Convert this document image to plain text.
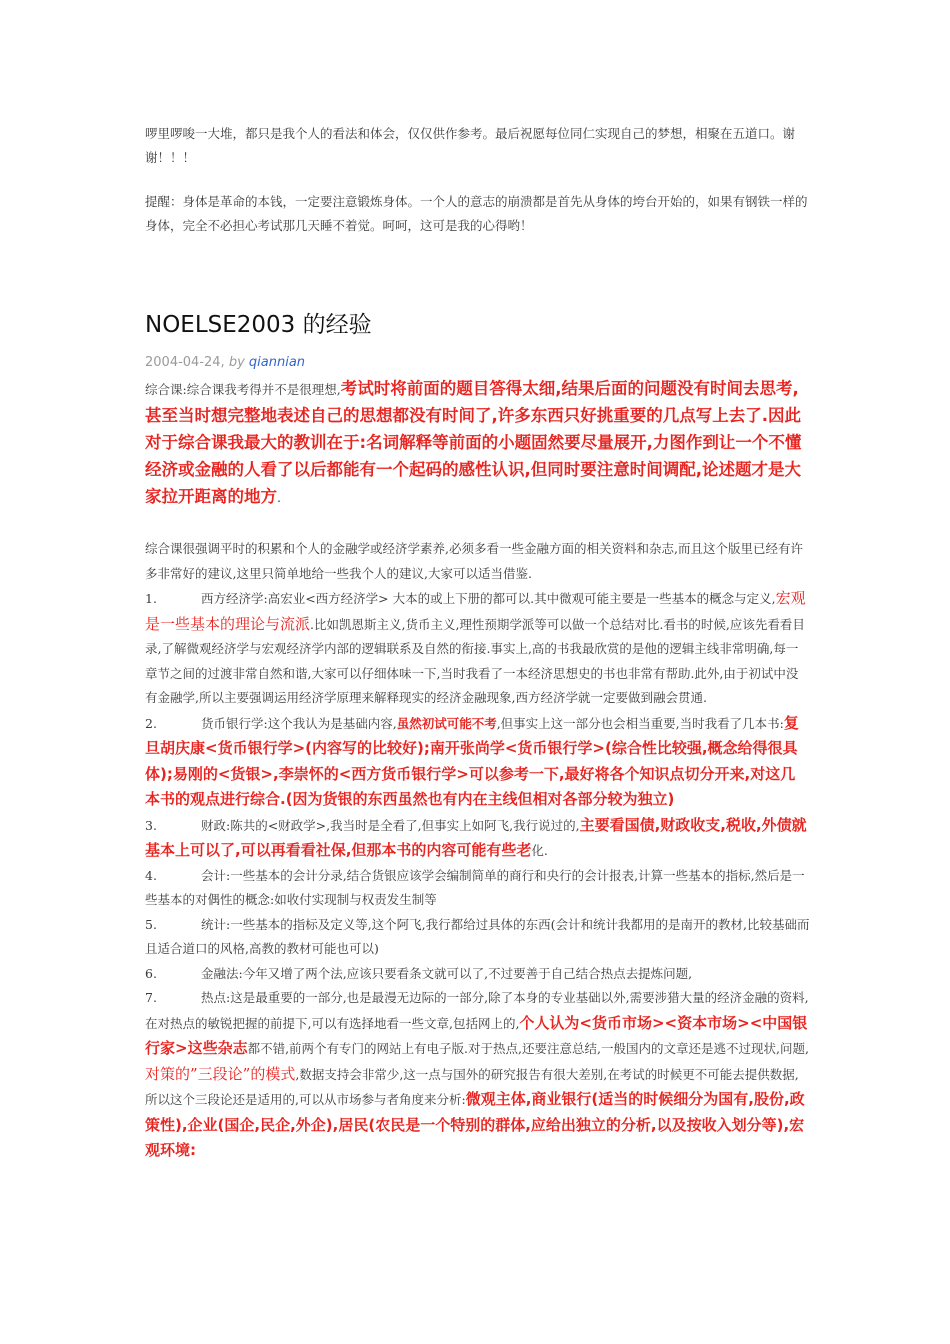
啰里啰唆一大堆，都只是我个人的看法和体会，仅仅供作参考。最后祝愿每位同仁实现自己的梦想，相聚在五道口。谢谢！！！

提醒：身体是革命的本钱，一定要注意锻炼身体。一个人的意志的崩溃都是首先从身体的垮台开始的，如果有钢铁一样的身体，完全不必担心考试那几天睡不着觉。呵呵，这可是我的心得哟！

NOELSE2003 的经验
2004-04-24, by qiannian

综合课:综合课我考得并不是很理想,考试时将前面的题目答得太细,结果后面的问题没有时间去思考,甚至当时想完整地表述自己的思想都没有时间了,许多东西只好挑重要的几点写上去了.因此对于综合课我最大的教训在于:名词解释等前面的小题固然要尽量展开,力图作到让一个不懂经济或金融的人看了以后都能有一个起码的感性认识,但同时要注意时间调配,论述题才是大家拉开距离的地方.

综合课很强调平时的积累和个人的金融学或经济学素养,必须多看一些金融方面的相关资料和杂志,而且这个版里已经有许多非常好的建议,这里只简单地给一些我个人的建议,大家可以适当借鉴.

1.	西方经济学:高宏业<西方经济学> 大本的或上下册的都可以.其中微观可能主要是一些基本的概念与定义,宏观是一些基本的理论与流派.比如凯恩斯主义,货币主义,理性预期学派等可以做一个总结对比.看书的时候,应该先看看目录,了解微观经济学与宏观经济学内部的逻辑联系及自然的衔接.事实上,高的书我最欣赏的是他的逻辑主线非常明确,每一章节之间的过渡非常自然和谐,大家可以仔细体味一下,当时我看了一本经济思想史的书也非常有帮助.此外,由于初试中没有金融学,所以主要强调运用经济学原理来解释现实的经济金融现象,西方经济学就一定要做到融会贯通.

2.	货币银行学:这个我认为是基础内容,虽然初试可能不考,但事实上这一部分也会相当重要,当时我看了几本书:复旦胡庆康<货币银行学>(内容写的比较好);南开张尚学<货币银行学>(综合性比较强,概念给得很具体);易刚的<货银>,李崇怀的<西方货币银行学>可以参考一下,最好将各个知识点切分开来,对这几本书的观点进行综合.(因为货银的东西虽然也有内在主线但相对各部分较为独立)

3.	财政:陈共的<财政学>,我当时是全看了,但事实上如阿飞,我行说过的,主要看国债,财政收支,税收,外债就基本上可以了,可以再看看社保,但那本书的内容可能有些老化.

4.	会计:一些基本的会计分录,结合货银应该学会编制简单的商行和央行的会计报表,计算一些基本的指标,然后是一些基本的对偶性的概念:如收付实现制与权责发生制等

5.	统计:一些基本的指标及定义等,这个阿飞,我行都给过具体的东西(会计和统计我都用的是南开的教材,比较基础而且适合道口的风格,高教的教材可能也可以)

6.	金融法:今年又增了两个法,应该只要看条文就可以了,不过要善于自己结合热点去提炼问题,

7.	热点:这是最重要的一部分,也是最漫无边际的一部分,除了本身的专业基础以外,需要涉猎大量的经济金融的资料,在对热点的敏锐把握的前提下,可以有选择地看一些文章,包括网上的,个人认为<货币市场><资本市场><中国银行家>这些杂志都不错,前两个有专门的网站上有电子版.对于热点,还要注意总结,一般国内的文章还是逃不过现状,问题,对策的”三段论”的模式,数据支持会非常少,这一点与国外的研究报告有很大差别,在考试的时候更不可能去提供数据,所以这个三段论还是适用的,可以从市场参与者角度来分析:微观主体,商业银行(适当的时候细分为国有,股份,政策性),企业(国企,民企,外企),居民(农民是一个特别的群体,应给出独立的分析,以及按收入划分等),宏观环境:
